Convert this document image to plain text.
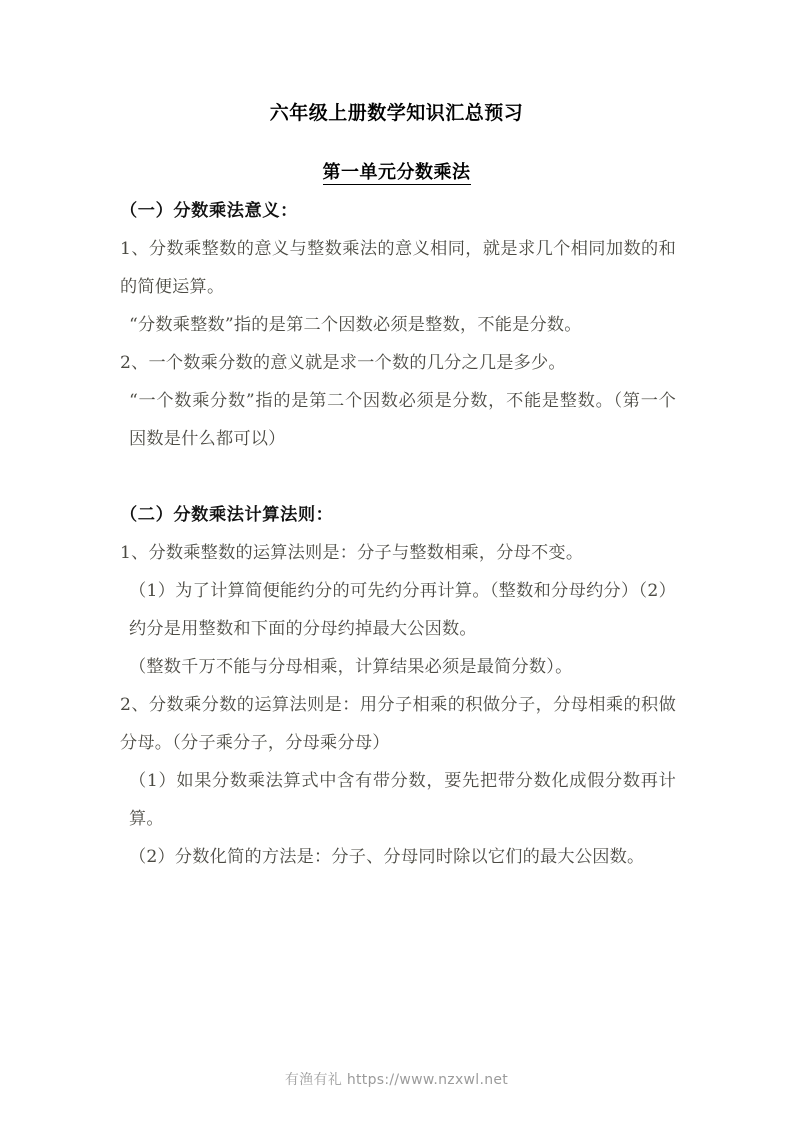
六年级上册数学知识汇总预习
第一单元分数乘法
（一）分数乘法意义：
1、分数乘整数的意义与整数乘法的意义相同，就是求几个相同加数的和的简便运算。
“分数乘整数”指的是第二个因数必须是整数，不能是分数。
2、一个数乘分数的意义就是求一个数的几分之几是多少。
“一个数乘分数”指的是第二个因数必须是分数，不能是整数。（第一个因数是什么都可以）
（二）分数乘法计算法则：
1、分数乘整数的运算法则是：分子与整数相乘，分母不变。
（1）为了计算简便能约分的可先约分再计算。（整数和分母约分）（2）约分是用整数和下面的分母约掉最大公因数。
（整数千万不能与分母相乘，计算结果必须是最简分数）。
2、分数乘分数的运算法则是：用分子相乘的积做分子，分母相乘的积做分母。（分子乘分子，分母乘分母）
（1）如果分数乘法算式中含有带分数，要先把带分数化成假分数再计算。
（2）分数化简的方法是：分子、分母同时除以它们的最大公因数。
有渔有礼 https://www.nzxwl.net
